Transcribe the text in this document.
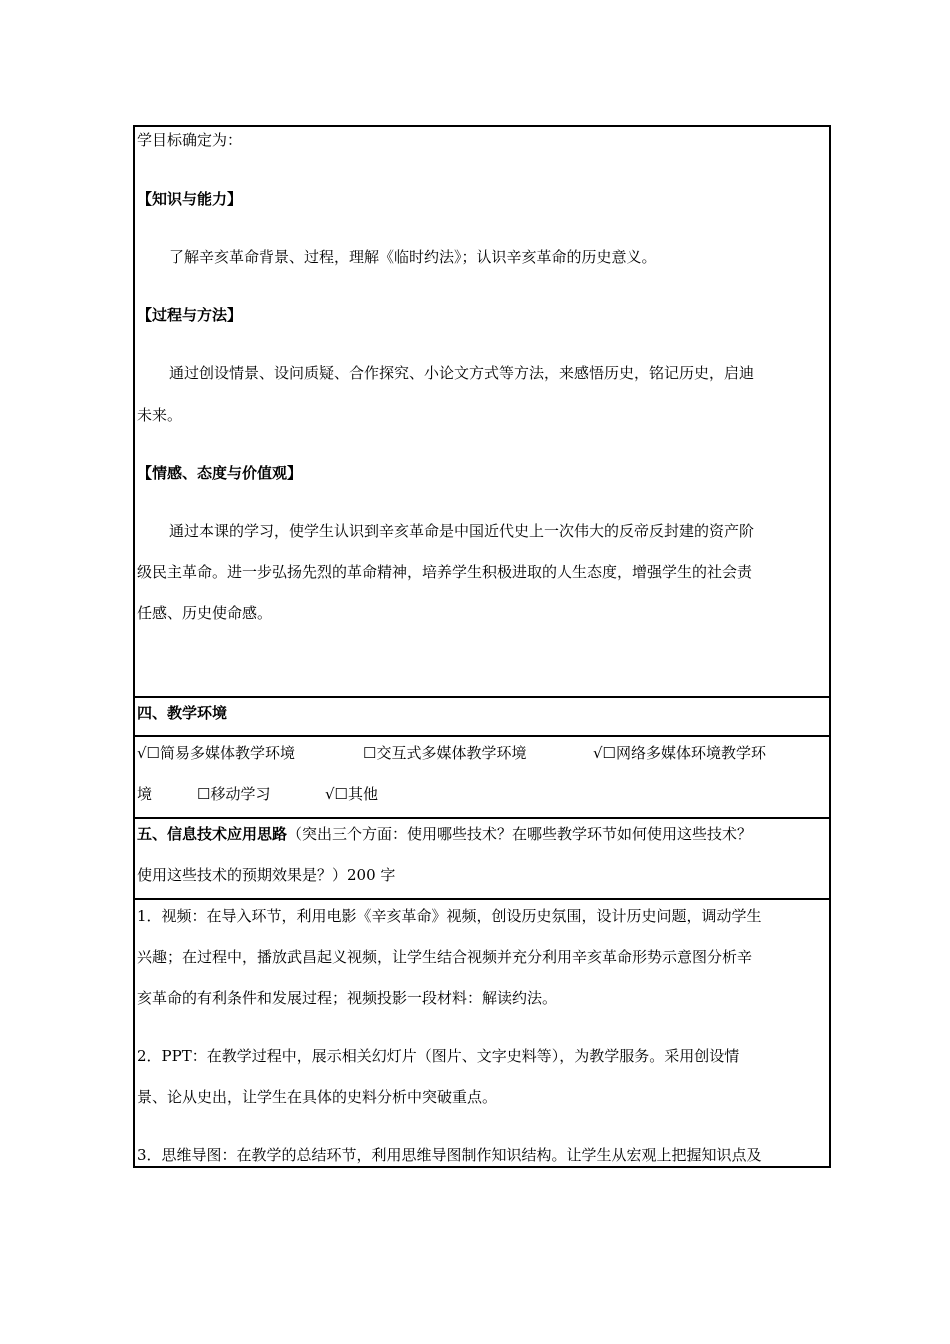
学目标确定为：
【知识与能力】
了解辛亥革命背景、过程，理解《临时约法》；认识辛亥革命的历史意义。
【过程与方法】
通过创设情景、设问质疑、合作探究、小论文方式等方法，来感悟历史，铭记历史，启迪
未来。
【情感、态度与价值观】
通过本课的学习，使学生认识到辛亥革命是中国近代史上一次伟大的反帝反封建的资产阶
级民主革命。进一步弘扬先烈的革命精神，培养学生积极进取的人生态度，增强学生的社会责
任感、历史使命感。
四、教学环境
√☐简易多媒体教学环境	☐交互式多媒体教学环境	√☐网络多媒体环境教学环
境	☐移动学习	√☐其他
五、信息技术应用思路（突出三个方面：使用哪些技术？在哪些教学环节如何使用这些技术？
使用这些技术的预期效果是？）200 字
1．视频：在导入环节，利用电影《辛亥革命》视频，创设历史氛围，设计历史问题，调动学生
兴趣；在过程中，播放武昌起义视频，让学生结合视频并充分利用辛亥革命形势示意图分析辛
亥革命的有利条件和发展过程；视频投影一段材料：解读约法。
2．PPT：在教学过程中，展示相关幻灯片（图片、文字史料等），为教学服务。采用创设情
景、论从史出，让学生在具体的史料分析中突破重点。
3．思维导图：在教学的总结环节，利用思维导图制作知识结构。让学生从宏观上把握知识点及
